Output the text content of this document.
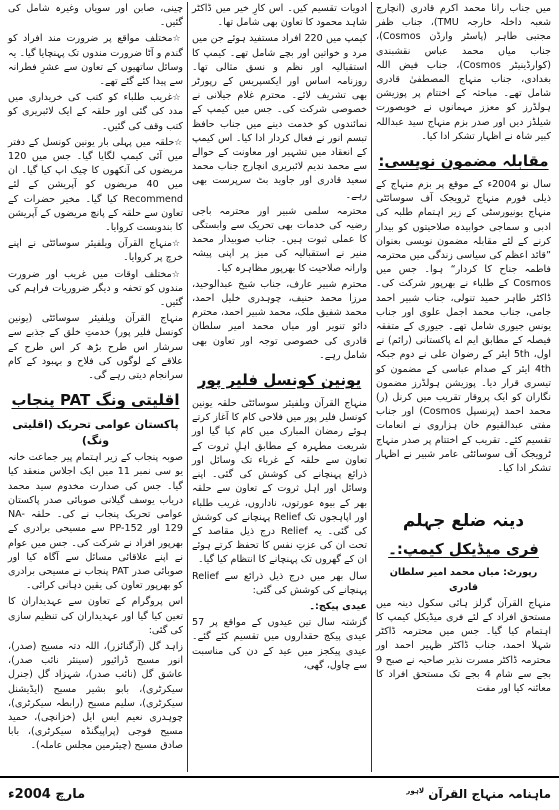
میں جناب رانا محمد اکرم قادری (انچارج شعبہ داخلہ خارجہ TMU)، جناب ظفر مجتبی طاہر (پاسٹر وارڈن Cosmos)، جناب میاں محمد عباس نقشبندی (کوارڈینیٹر Cosmos)، جناب فیض اللہ بغدادی، جناب منہاج المصطفیٰ قادری شامل تھے۔ مباحثہ کے اختتام پر پوزیشن ہولڈرز کو معزز مہمانوں نے خوبصورت شیلڈز دیں اور صدر بزم منہاج سید عبداللہ کبیر شاہ نے اظہار تشکر ادا کیا۔

مقابلہ مضمون نویسی:

سال نو 2004ء کے موقع پر بزم منہاج کے ذیلی فورم منہاج ٹرویجک آف سوسائٹی منہاج یونیورسٹی کے زیر اہتمام طلبہ کی ادبی و سماجی خوابیدہ صلاحیتوں کو بیدار کرنے کے لئے مقابلہ مضمون نویسی بعنوان ”قائد اعظم کی سیاسی زندگی میں محترمہ فاطمہ جناح کا کردار“ ہوا۔ جس میں Cosmos کے طلباء نے بھرپور شرکت کی۔ ڈاکٹر طاہر حمید تنولی، جناب شبیر احمد جامی، جناب محمد اجمل علوی اور جناب یونس جیوری شامل تھے۔ جیوری کے متفقہ فیصلہ کے مطابق ایم اے پاکستانی (رائم) نے اول، 5th ایئر کے رضوان علی نے دوم جبکہ 4th ایئر کے صدام عباسی کے مضمون کو تیسری قرار دیا۔ پوزیشن ہولڈرز مضمون نگاران کو ایک پروقار تقریب میں کرنل (ر) محمد احمد (پرنسپل Cosmos) اور جناب مفتی عبدالقیوم خان ہزاروی نے انعامات تقسیم کئے۔ تقریب کے اختتام پر صدر منہاج ٹرویجک آف سوسائٹی عامر شبیر نے اظہار تشکر ادا کیا۔

دینہ ضلع جہلم
فری میڈیکل کیمپ:۔

رپورٹ: میاں محمد امیر سلطان قادری

منہاج القرآن گرلز ہائی سکول دینہ میں مستحق افراد کے لئے فری میڈیکل کیمپ کا اہتمام کیا گیا۔ جس میں محترمہ ڈاکٹر شہلا احمد، جناب ڈاکٹر ظہیر احمد اور محترمہ ڈاکٹر مسرت نذیر صاحبہ نے صبح 9 بجے سے شام 4 بجے تک مستحق افراد کا معائنہ کیا اور مفت

ادویات تقسیم کیں۔ اس کارِ خیر میں ڈاکٹر شاہد محمود کا تعاون بھی شامل تھا۔

کیمپ میں 220 افراد مستفید ہوئے جن میں مرد و خواتین اور بچے شامل تھے۔ کیمپ کا استقبالیہ اور نظم و نسق مثالی تھا۔ روزنامہ اساس اور ایکسپریس کے رپورٹر بھی تشریف لائے۔ محترم غلام جیلانی نے خصوصی شرکت کی۔ جس میں کیمپ کے نمائندوں کو خدمت دینے میں جناب حافظ تبسم انور نے فعال کردار ادا کیا۔ اس کیمپ کے انعقاد میں تشہیر اور معاونت کے حوالے سے محمد ندیم لائبریری انچارج جناب محمد سعید قادری اور جاوید بٹ سرپرست بھی رہے۔

محترمہ سلمی شبیر اور محترمہ باجی رضیہ کی خدمات بھی تحریک سے وابستگی کا عملی ثبوت ہیں۔ جناب صوبیدار محمد منیر نے استقبالیہ کی میز پر اپنی پیشہ وارانہ صلاحیت کا بھرپور مظاہرہ کیا۔

محترم شبیر عارف، جناب شیخ عبدالوحید، مرزا محمد حنیف، چوہدری خلیل احمد، محمد شفیق ملک، محمد شبیر احمد، محترم دائو تنویر اور میاں محمد امیر سلطان قادری کی خصوصی توجہ اور تعاون بھی شامل رہے۔

یونین کونسل فلیر پور

منہاج القرآن ویلفیئر سوسائٹی حلقہ یونین کونسل فلیر پور میں فلاحی کام کا آغاز کرتے ہوئے رمضان المبارک میں کام کیا گیا اور شریعت مطہرہ کے مطابق اہلِ ثروت کے تعاون سے حلقہ کے غرباء تک وسائل اور ذرائع پہنچانے کی کوشش کی گئی۔ اپنے وسائل اور اہل ثروت کے تعاون سے حلقہ بھر کے بیوہ عورتوں، ناداروں، غریب طلباء اور اپاہجوں تک Relief پہنچانے کی کوشش کی گئی۔ یہ Relief درج ذیل مقاصد کے تحت ان کی عزتِ نفس کا تحفظ کرتے ہوئے ان کے گھروں تک پہنچانے کا انتظام کیا گیا۔

سال بھر میں درج ذیل ذرائع سے Relief پہنچانے کی کوشش کی گئی:

عیدی پیکج:۔

گزشتہ سال تین عیدوں کے مواقع پر 57 عیدی پیکج حقداروں میں تقسیم کئے گئے۔ عیدی پیکجز میں عید کے دن کی مناسبت سے چاول، گھی،

چینی، صابن اور سویاں وغیرہ شامل کی گئیں۔

☆ مختلف مواقع پر ضرورت مند افراد کو گندم و آٹا ضرورت مندوں تک پہنچایا گیا۔ یہ وسائل ساتھیوں کے تعاون سے عشرِ فطرانہ سے پیدا کئے گئے تھے۔

☆ غریب طلباء کو کتب کی خریداری میں مدد کی گئی اور حلقہ کے ایک لائبریری کو کتب وقف کی گئیں۔

☆ حلقہ میں پہلی بار یونین کونسل کے دفتر میں آئی کیمپ لگایا گیا۔ جس میں 120 مریضوں کی آنکھوں کا چیک اپ کیا گیا۔ ان میں 40 مریضوں کو آپریشن کے لئے Recommend کیا گیا۔ مخیر حضرات کے تعاون سے حلقہ کے پانچ مریضوں کے آپریشن کا بندوبست کروایا۔

☆ منہاج القرآن ویلفیئر سوسائٹی نے اپنے خرچ پر کروایا۔

☆ مختلف اوقات میں غریب اور ضرورت مندوں کو تحفہ و دیگر ضروریات فراہم کی گئیں۔

منہاج القرآن ویلفیئر سوسائٹی (یونین کونسل فلیر پور) خدمتِ خلق کے جذبے سے سرشار اس طرح بڑھ کر اس طرح کے علاقے کے لوگوں کی فلاح و بہبود کے کام سرانجام دیتی رہے گی۔

اقلیتی ونگ PAT پنجاب
پاکستان عوامی تحریک (اقلیتی ونگ)

صوبہ پنجاب کے زیر اہتمام پیر جماعت خانہ یو سی نمبر 11 میں ایک اجلاس منعقد کیا گیا۔ جس کی صدارت مخدوم سید محمد دریاب یوسف گیلانی صوبائی صدر پاکستان عوامی تحریک پنجاب نے کی۔ حلقہ NA-129 اور PP-152 سے مسیحی برادری کے بھرپور افراد نے شرکت کی۔ جس میں عوام نے اپنے علاقائی مسائل سے آگاہ کیا اور صوبائی صدر PAT پنجاب نے مسیحی برادری کو بھرپور تعاون کی یقین دہانی کرائی۔

اس پروگرام کے تعاون سے عہدیداران کا تعین کیا گیا اور عہدیداران کی تنظیم سازی کی گئی:

زاہد گل (آرگنائزر)، اللہ دتہ مسیح (صدر)، انور مسیح ڈرائیور (سینئر نائب صدر)، عاشق گل (نائب صدر)، شہزاد گل (جنرل سیکرٹری)، بابو بشیر مسیح (ایڈیشنل سیکرٹری)، سلیم مسیح (رابطہ سیکرٹری)، چوہدری نعیم ایس ایل (خزانچی)، حمید مسیح فوجی (پراپیگنڈہ سیکرٹری)، بابا صادق مسیح (چیئرمین مجلس عاملہ)۔

مارچ 2004ء	ماہنامہ منہاج القرآن $^{لاہور}$
